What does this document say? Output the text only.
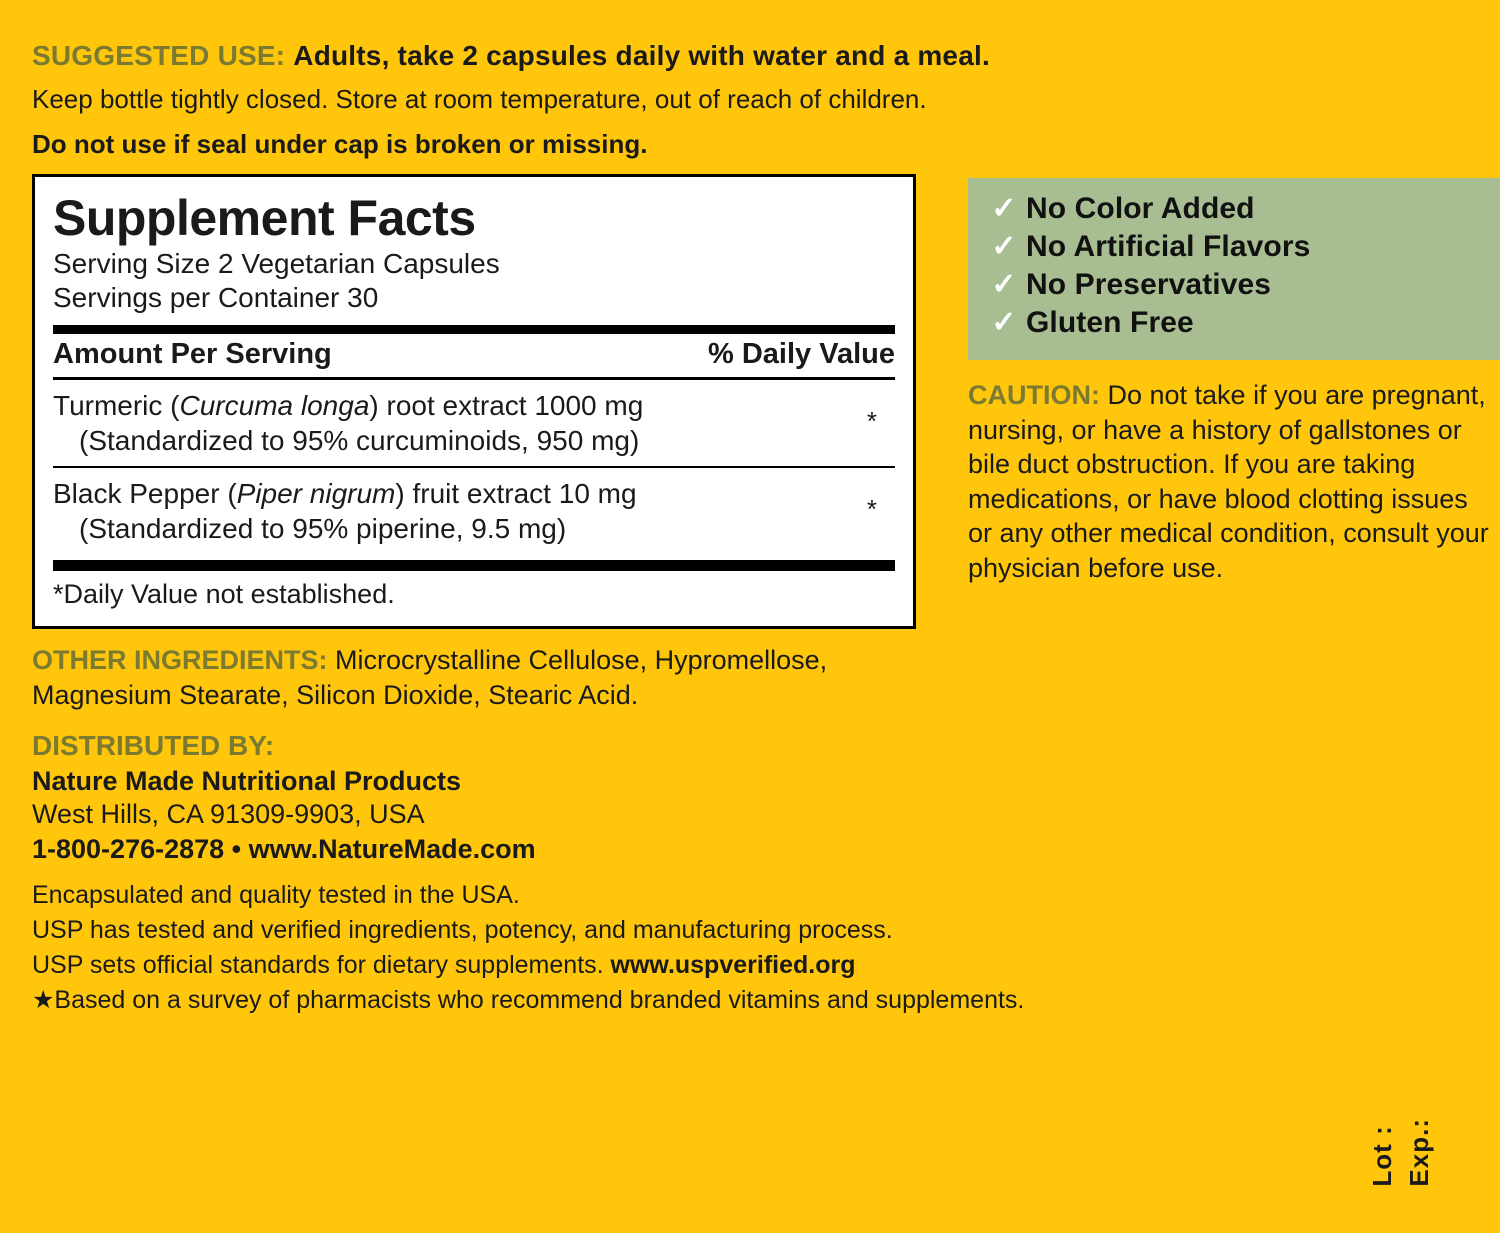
SUGGESTED USE: Adults, take 2 capsules daily with water and a meal.
Keep bottle tightly closed. Store at room temperature, out of reach of children.
Do not use if seal under cap is broken or missing.
Supplement Facts
Serving Size 2 Vegetarian Capsules
Servings per Container 30
Amount Per Serving	% Daily Value
Turmeric (Curcuma longa) root extract 1000 mg
(Standardized to 95% curcuminoids, 950 mg)
*
Black Pepper (Piper nigrum) fruit extract 10 mg
(Standardized to 95% piperine, 9.5 mg)
*
*Daily Value not established.
OTHER INGREDIENTS: Microcrystalline Cellulose, Hypromellose, Magnesium Stearate, Silicon Dioxide, Stearic Acid.
DISTRIBUTED BY:
Nature Made Nutritional Products
West Hills, CA 91309-9903, USA
1-800-276-2878 • www.NatureMade.com
✓ No Color Added
✓ No Artificial Flavors
✓ No Preservatives
✓ Gluten Free
CAUTION: Do not take if you are pregnant, nursing, or have a history of gallstones or bile duct obstruction. If you are taking medications, or have blood clotting issues or any other medical condition, consult your physician before use.
Encapsulated and quality tested in the USA.
USP has tested and verified ingredients, potency, and manufacturing process.
USP sets official standards for dietary supplements. www.uspverified.org
★Based on a survey of pharmacists who recommend branded vitamins and supplements.
Lot : Exp.:
